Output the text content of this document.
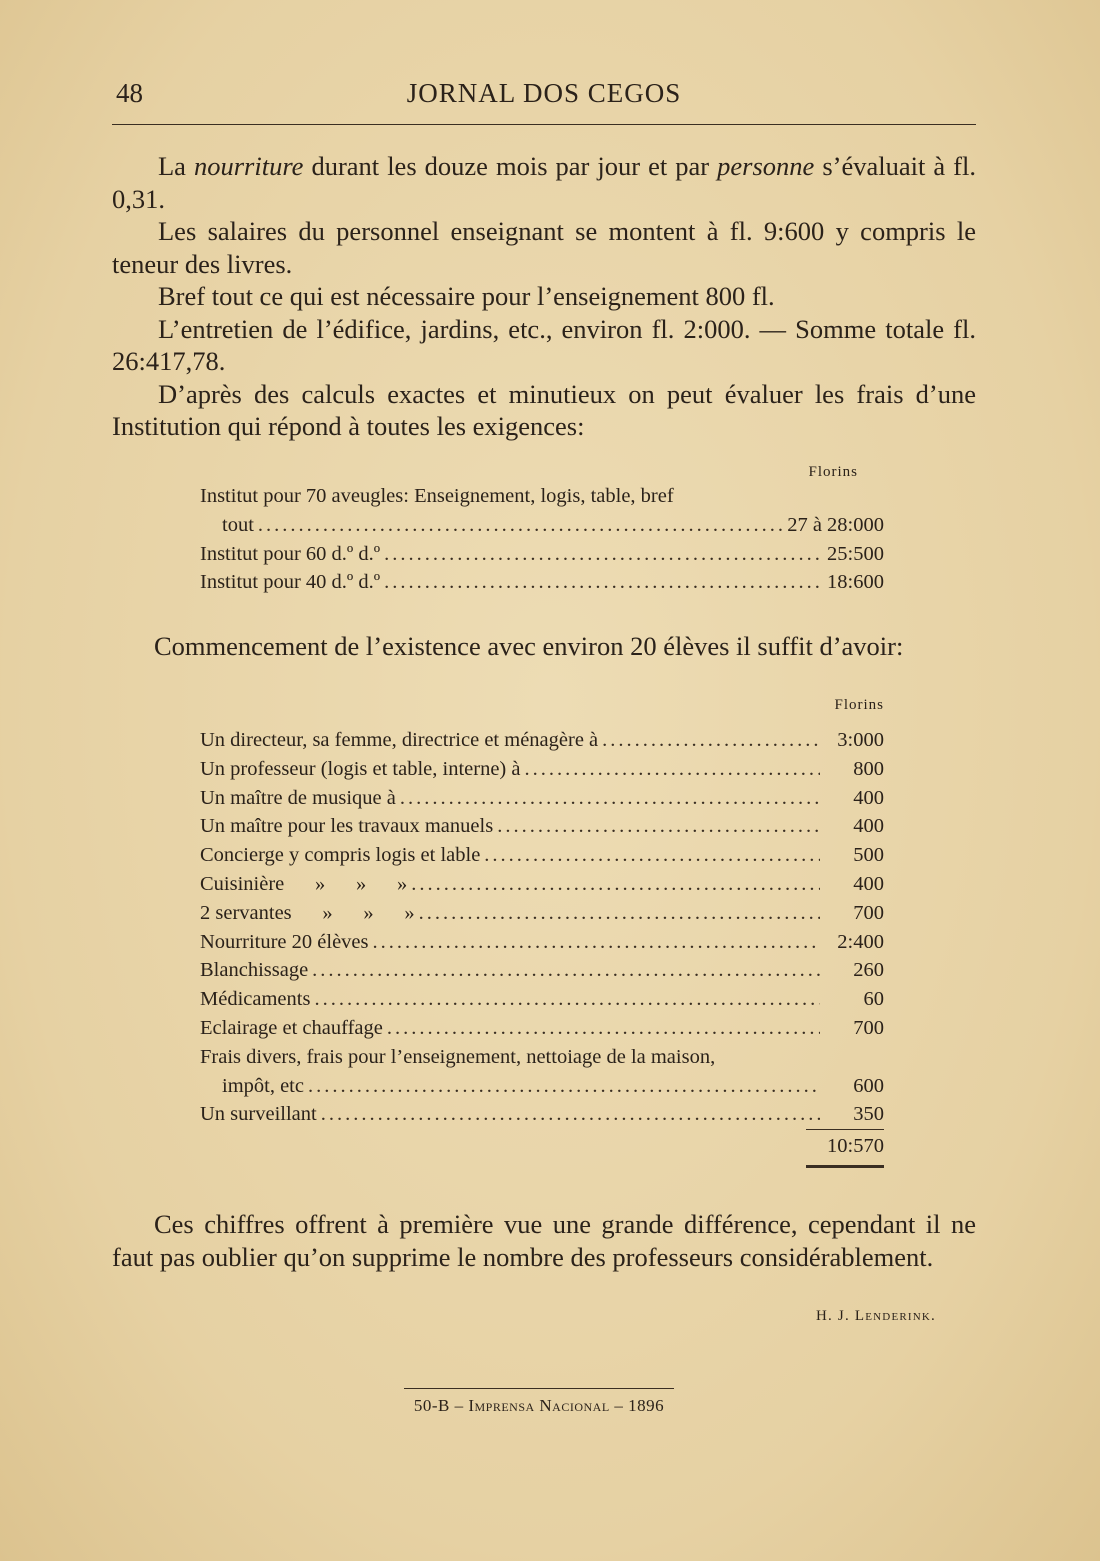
48	JORNAL DOS CEGOS

La nourriture durant les douze mois par jour et par personne s’évaluait à fl. 0,31.

Les salaires du personnel enseignant se montent à fl. 9:600 y compris le teneur des livres.

Bref tout ce qui est nécessaire pour l’enseignement 800 fl.

L’entretien de l’édifice, jardins, etc., environ fl. 2:000. — Somme totale fl. 26:417,78.

D’après des calculs exactes et minutieux on peut évaluer les frais d’une Institution qui répond à toutes les exigences:

Florins
Institut pour 70 aveugles: Enseignement, logis, table, bref
tout .....	27 à 28:000
Institut pour 60 d.º d.º .....	25:500
Institut pour 40 d.º d.º .....	18:600
Commencement de l’existence avec environ 20 élèves il suffit d’avoir:
Florins
Un directeur, sa femme, directrice et ménagère à .....	3:000
Un professeur (logis et table, interne) à .....	800
Un maître de musique à .....	400
Un maître pour les travaux manuels .....	400
Concierge y compris logis et lable .....	500
Cuisinière      »      »      » .....	400
2 servantes      »      »      » .....	700
Nourriture 20 élèves .....	2:400
Blanchissage .....	260
Médicaments .....	60
Eclairage et chauffage .....	700
Frais divers, frais pour l’enseignement, nettoiage de la maison,
impôt, etc .....	600
Un surveillant .....	350
10:570

Ces chiffres offrent à première vue une grande différence, cependant il ne faut pas oublier qu’on supprime le nombre des professeurs considérablement.

H. J. Lenderink.
50-B – Imprensa Nacional – 1896
